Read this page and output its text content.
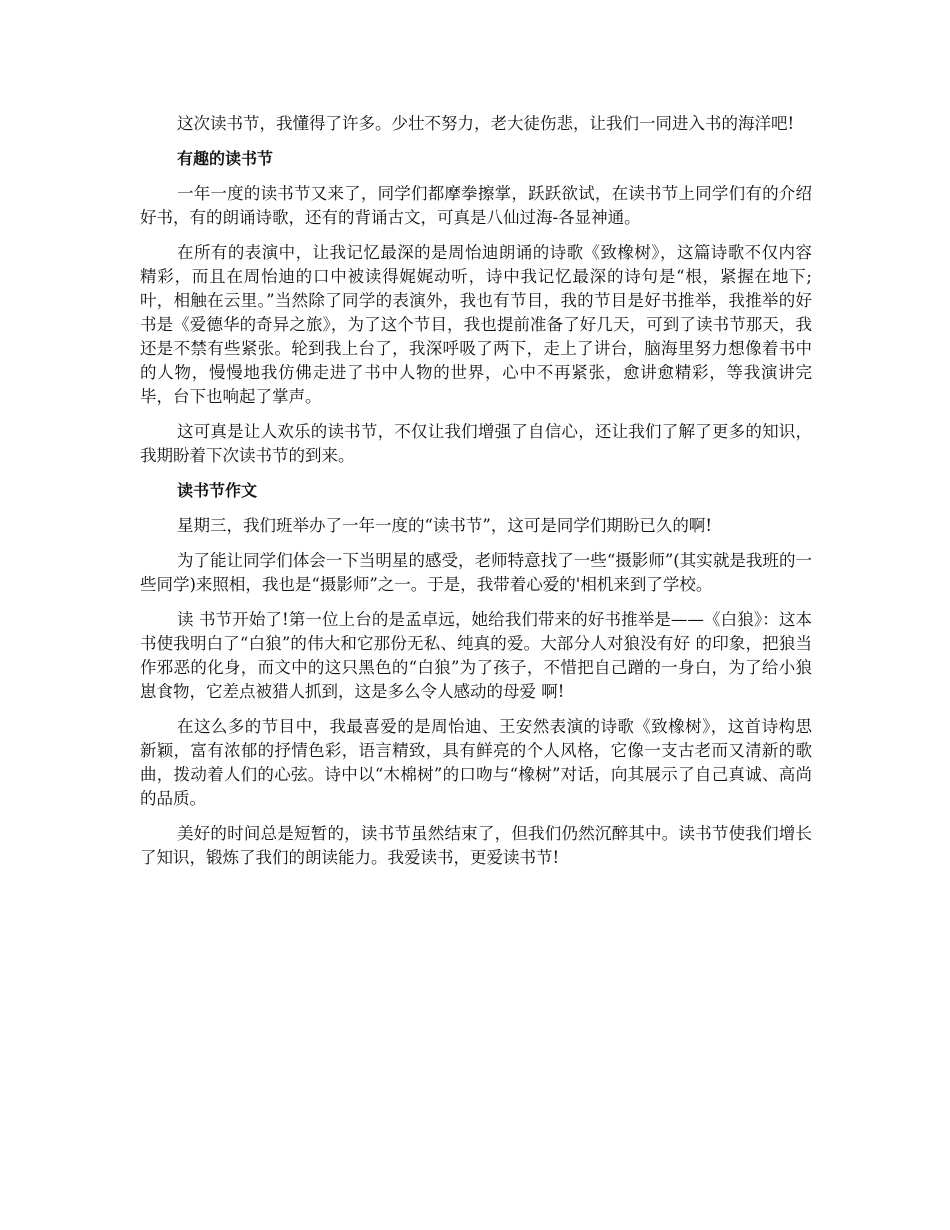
这次读书节，我懂得了许多。少壮不努力，老大徒伤悲，让我们一同进入书的海洋吧!

有趣的读书节

一年一度的读书节又来了，同学们都摩拳擦掌，跃跃欲试，在读书节上同学们有的介绍好书，有的朗诵诗歌，还有的背诵古文，可真是八仙过海-各显神通。

在所有的表演中，让我记忆最深的是周怡迪朗诵的诗歌《致橡树》，这篇诗歌不仅内容精彩，而且在周怡迪的口中被读得娓娓动听，诗中我记忆最深的诗句是“根，紧握在地下;叶，相触在云里。”当然除了同学的表演外，我也有节目，我的节目是好书推举，我推举的好书是《爱德华的奇异之旅》，为了这个节目，我也提前准备了好几天，可到了读书节那天，我还是不禁有些紧张。轮到我上台了，我深呼吸了两下，走上了讲台，脑海里努力想像着书中的人物，慢慢地我仿佛走进了书中人物的世界，心中不再紧张，愈讲愈精彩，等我演讲完毕，台下也响起了掌声。

这可真是让人欢乐的读书节，不仅让我们增强了自信心，还让我们了解了更多的知识，我期盼着下次读书节的到来。

读书节作文

星期三，我们班举办了一年一度的“读书节”，这可是同学们期盼已久的啊!

为了能让同学们体会一下当明星的感受，老师特意找了一些“摄影师”(其实就是我班的一些同学)来照相，我也是“摄影师”之一。于是，我带着心爱的'相机来到了学校。

读 书节开始了!第一位上台的是孟卓远，她给我们带来的好书推举是——《白狼》：这本书使我明白了“白狼”的伟大和它那份无私、纯真的爱。大部分人对狼没有好 的印象，把狼当作邪恶的化身，而文中的这只黑色的“白狼”为了孩子，不惜把自己蹭的一身白，为了给小狼崽食物，它差点被猎人抓到，这是多么令人感动的母爱 啊!

在这么多的节目中，我最喜爱的是周怡迪、王安然表演的诗歌《致橡树》，这首诗构思新颖，富有浓郁的抒情色彩，语言精致，具有鲜亮的个人风格，它像一支古老而又清新的歌曲，拨动着人们的心弦。诗中以“木棉树”的口吻与“橡树”对话，向其展示了自己真诚、高尚的品质。

美好的时间总是短暂的，读书节虽然结束了，但我们仍然沉醉其中。读书节使我们增长了知识，锻炼了我们的朗读能力。我爱读书，更爱读书节!
